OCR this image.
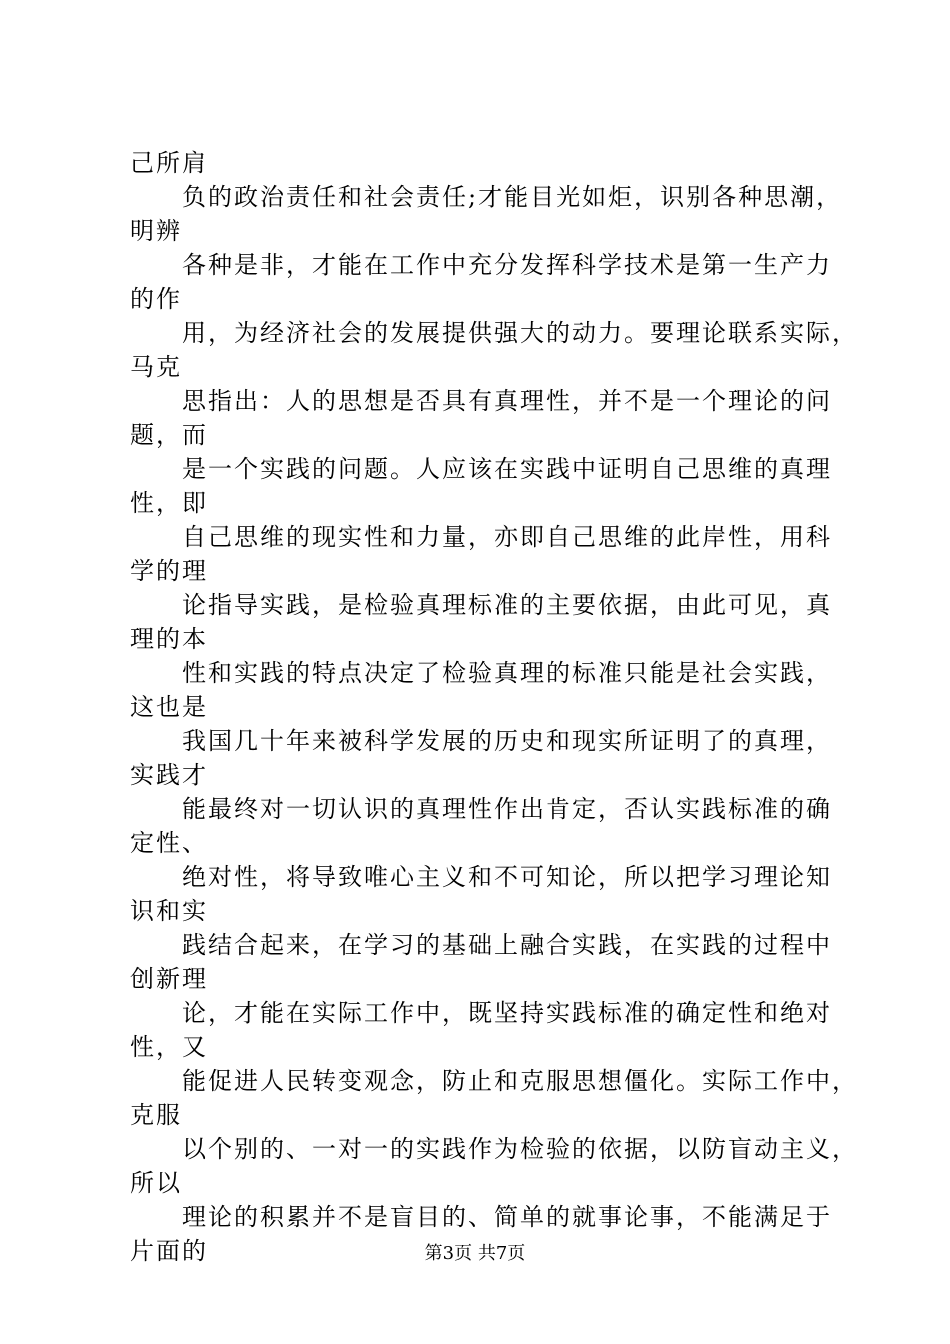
己所肩
负的政治责任和社会责任;才能目光如炬，识别各种思潮，
明辨
各种是非，才能在工作中充分发挥科学技术是第一生产力
的作
用，为经济社会的发展提供强大的动力。要理论联系实际，
马克
思指出：人的思想是否具有真理性，并不是一个理论的问
题，而
是一个实践的问题。人应该在实践中证明自己思维的真理
性，即
自己思维的现实性和力量，亦即自己思维的此岸性，用科
学的理
论指导实践，是检验真理标准的主要依据，由此可见，真
理的本
性和实践的特点决定了检验真理的标准只能是社会实践，
这也是
我国几十年来被科学发展的历史和现实所证明了的真理，
实践才
能最终对一切认识的真理性作出肯定，否认实践标准的确
定性、
绝对性，将导致唯心主义和不可知论，所以把学习理论知
识和实
践结合起来，在学习的基础上融合实践，在实践的过程中
创新理
论，才能在实际工作中，既坚持实践标准的确定性和绝对
性，又
能促进人民转变观念，防止和克服思想僵化。实际工作中，
克服
以个别的、一对一的实践作为检验的依据，以防盲动主义，
所以
理论的积累并不是盲目的、简单的就事论事，不能满足于
片面的	第3页 共7页
